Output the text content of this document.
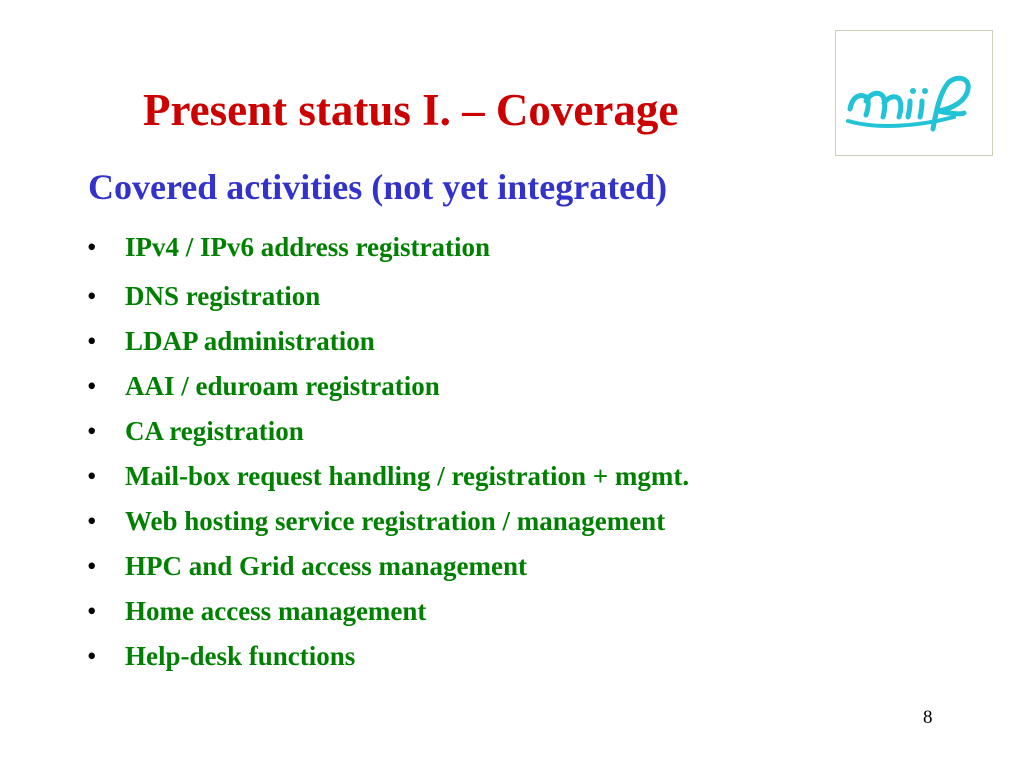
Present status I. – Coverage
Covered activities (not yet integrated)
• IPv4 / IPv6 address registration
• DNS registration
• LDAP administration
• AAI / eduroam registration
• CA registration
• Mail-box request handling / registration + mgmt.
• Web hosting service registration / management
• HPC and Grid access management
• Home access management
• Help-desk functions
8
